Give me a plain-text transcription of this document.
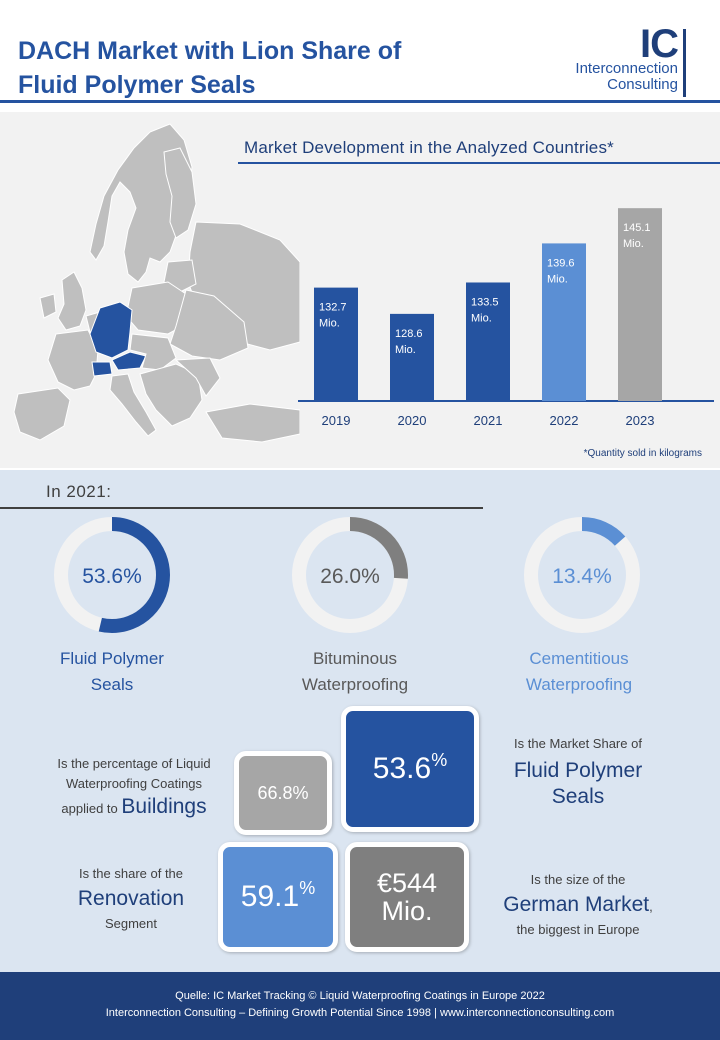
DACH Market with Lion Share of
Fluid Polymer Seals
IC
Interconnection
Consulting
Market Development in the Analyzed Countries*
132.7
Mio.
2019
128.6
Mio.
2020
133.5
Mio.
2021
139.6
Mio.
2022
145.1
Mio.
2023
*Quantity sold in kilograms
In 2021:
53.6%
Fluid Polymer
Seals
26.0%
Bituminous
Waterproofing
13.4%
Cementitious
Waterproofing
Is the percentage of Liquid
Waterproofing Coatings
applied to Buildings
66.8%
53.6%
Is the Market Share of
Fluid Polymer
Seals
Is the share of the
Renovation
Segment
59.1% €544
Mio.
Is the size of the
German Market,
the biggest in Europe
Quelle: IC Market Tracking © Liquid Waterproofing Coatings in Europe 2022
Interconnection Consulting – Defining Growth Potential Since 1998 | www.interconnectionconsulting.com
